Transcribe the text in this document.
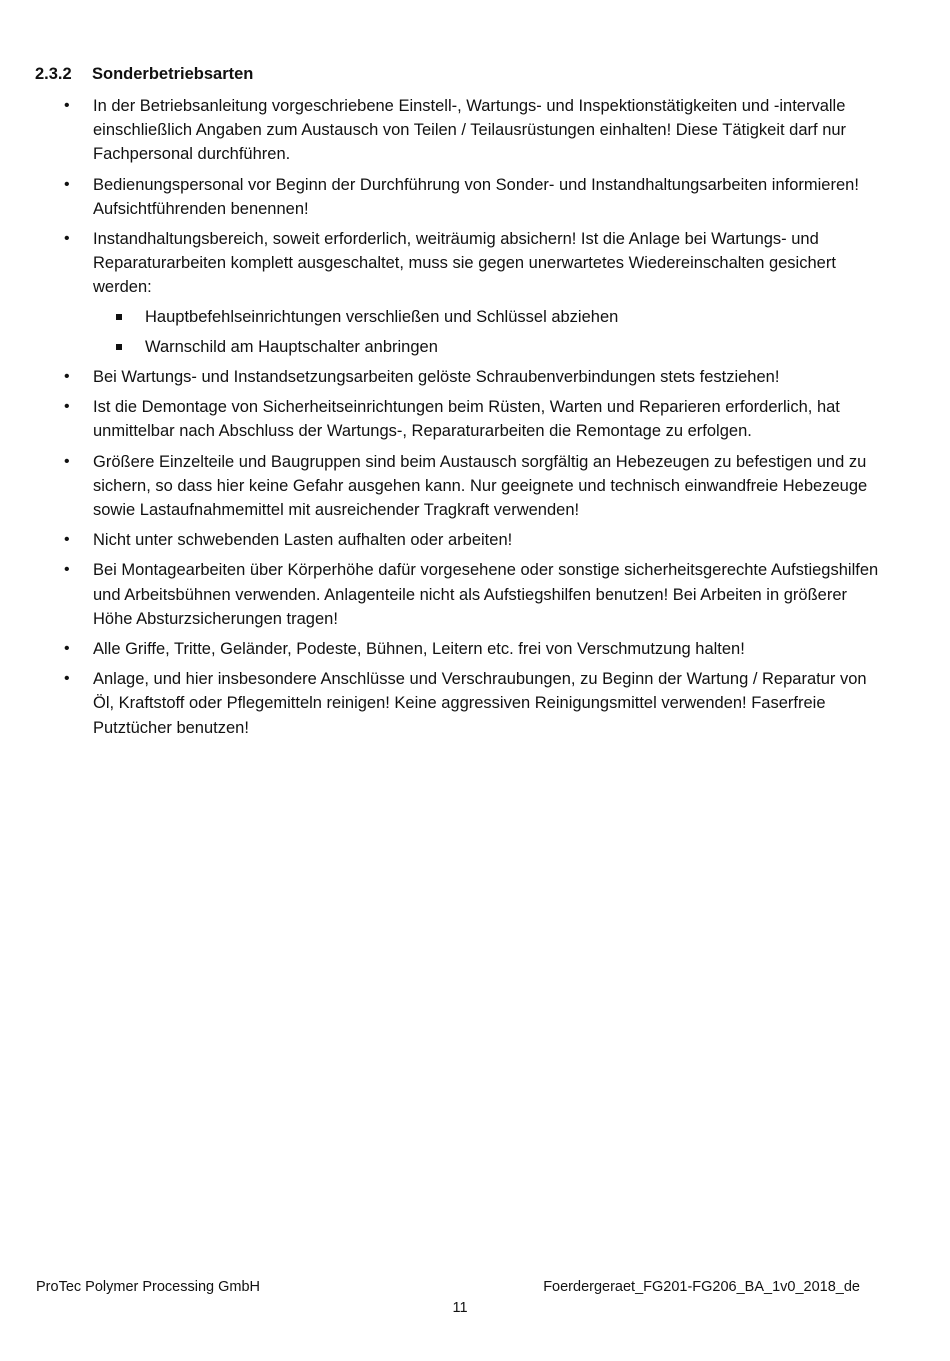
2.3.2 Sonderbetriebsarten
• In der Betriebsanleitung vorgeschriebene Einstell-, Wartungs- und Inspektionstätigkeiten und -intervalle einschließlich Angaben zum Austausch von Teilen / Teilausrüstungen einhalten! Diese Tätigkeit darf nur Fachpersonal durchführen.
• Bedienungspersonal vor Beginn der Durchführung von Sonder- und Instandhaltungsarbeiten informieren! Aufsichtführenden benennen!
• Instandhaltungsbereich, soweit erforderlich, weiträumig absichern! Ist die Anlage bei Wartungs- und Reparaturarbeiten komplett ausgeschaltet, muss sie gegen unerwartetes Wiedereinschalten gesichert werden:
Hauptbefehlseinrichtungen verschließen und Schlüssel abziehen
Warnschild am Hauptschalter anbringen
• Bei Wartungs- und Instandsetzungsarbeiten gelöste Schraubenverbindungen stets festziehen!
• Ist die Demontage von Sicherheitseinrichtungen beim Rüsten, Warten und Reparieren erforderlich, hat unmittelbar nach Abschluss der Wartungs-, Reparaturarbeiten die Remontage zu erfolgen.
• Größere Einzelteile und Baugruppen sind beim Austausch sorgfältig an Hebezeugen zu befestigen und zu sichern, so dass hier keine Gefahr ausgehen kann. Nur geeignete und technisch einwandfreie Hebezeuge sowie Lastaufnahmemittel mit ausreichender Tragkraft verwenden!
• Nicht unter schwebenden Lasten aufhalten oder arbeiten!
• Bei Montagearbeiten über Körperhöhe dafür vorgesehene oder sonstige sicherheitsgerechte Aufstiegshilfen und Arbeitsbühnen verwenden. Anlagenteile nicht als Aufstiegshilfen benutzen! Bei Arbeiten in größerer Höhe Absturzsicherungen tragen!
• Alle Griffe, Tritte, Geländer, Podeste, Bühnen, Leitern etc. frei von Verschmutzung halten!
• Anlage, und hier insbesondere Anschlüsse und Verschraubungen, zu Beginn der Wartung / Reparatur von Öl, Kraftstoff oder Pflegemitteln reinigen! Keine aggressiven Reinigungsmittel verwenden! Faserfreie Putztücher benutzen!
ProTec Polymer Processing GmbH	Foerdergeraet_FG201-FG206_BA_1v0_2018_de
11
